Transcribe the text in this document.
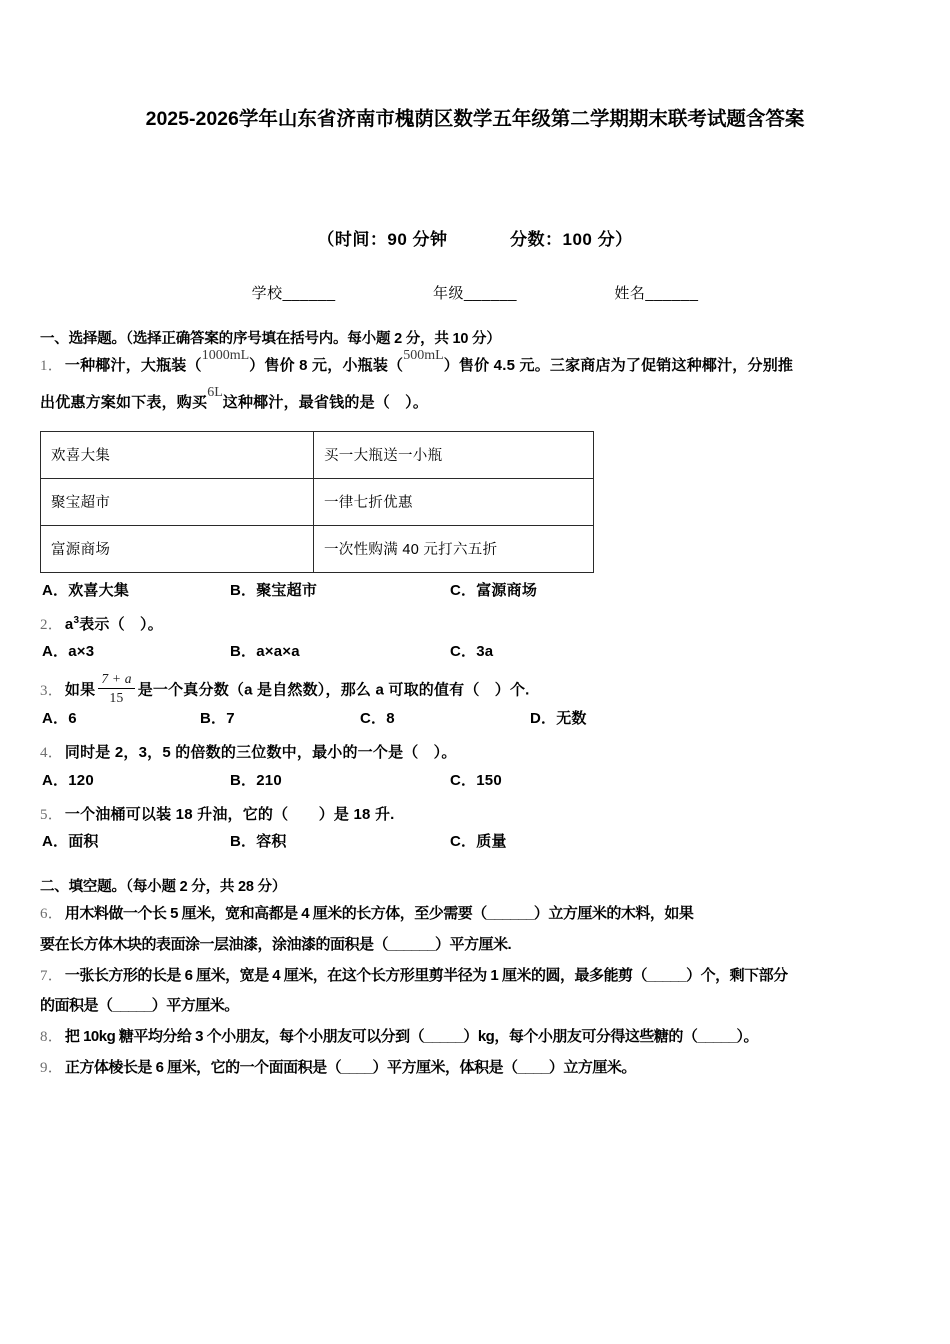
2025-2026学年山东省济南市槐荫区数学五年级第二学期期末联考试题含答案
（时间：90 分钟	分数：100 分）
学校______	年级______	姓名______
一、选择题。（选择正确答案的序号填在括号内。每小题 2 分，共 10 分）
1． 一种椰汁，大瓶装（1000mL）售价 8 元，小瓶装（500mL）售价 4.5 元。三家商店为了促销这种椰汁，分别推
出优惠方案如下表，购买6L这种椰汁，最省钱的是（　）。
欢喜大集	买一大瓶送一小瓶
聚宝超市	一律七折优惠
富源商场	一次性购满 40 元打六五折
A．欢喜大集	B．聚宝超市	C．富源商场
2． $a^3$表示（　）。
A．a×3	B．a×a×a	C．3a
3． 如果 $\frac{7 + a}{15}$ 是一个真分数（a 是自然数），那么 a 可取的值有（　）个.
A．6	B．7	C．8	D．无数
4． 同时是 2，3，5 的倍数的三位数中，最小的一个是（　）。
A．120	B．210	C．150
5． 一个油桶可以装 18 升油，它的（　　）是 18 升.
A．面积	B．容积	C．质量
二、填空题。（每小题 2 分，共 28 分）
6． 用木料做一个长 5 厘米，宽和高都是 4 厘米的长方体，至少需要（______）立方厘米的木料，如果
要在长方体木块的表面涂一层油漆，涂油漆的面积是（______）平方厘米.
7． 一张长方形的长是 6 厘米，宽是 4 厘米，在这个长方形里剪半径为 1 厘米的圆，最多能剪（_____）个，剩下部分
的面积是（_____）平方厘米。
8． 把 10kg 糖平均分给 3 个小朋友，每个小朋友可以分到（_____）kg，每个小朋友可分得这些糖的（_____）。
9． 正方体棱长是 6 厘米，它的一个面面积是（____）平方厘米，体积是（____）立方厘米。
